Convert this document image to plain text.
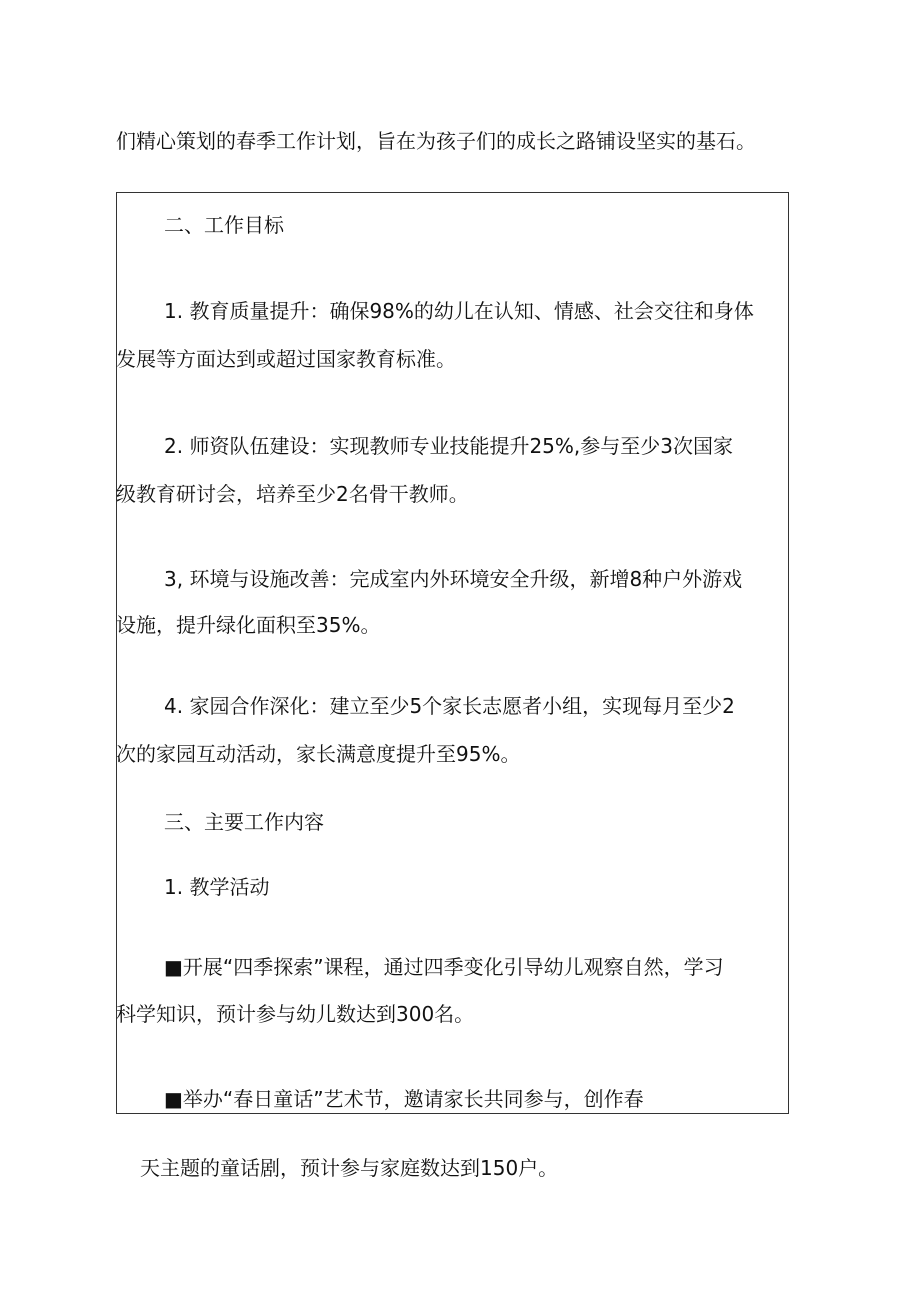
们精心策划的春季工作计划，旨在为孩子们的成长之路铺设坚实的基石。
二、工作目标
1. 教育质量提升：确保98%的幼儿在认知、情感、社会交往和身体
发展等方面达到或超过国家教育标准。
2. 师资队伍建设：实现教师专业技能提升25%,参与至少3次国家
级教育研讨会，培养至少2名骨干教师。
3, 环境与设施改善：完成室内外环境安全升级，新增8种户外游戏
设施，提升绿化面积至35%。
4. 家园合作深化：建立至少5个家长志愿者小组，实现每月至少2
次的家园互动活动，家长满意度提升至95%。
三、主要工作内容
1. 教学活动
■开展“四季探索”课程，通过四季变化引导幼儿观察自然，学习
科学知识，预计参与幼儿数达到300名。
■举办“春日童话”艺术节，邀请家长共同参与，创作春
天主题的童话剧，预计参与家庭数达到150户。
